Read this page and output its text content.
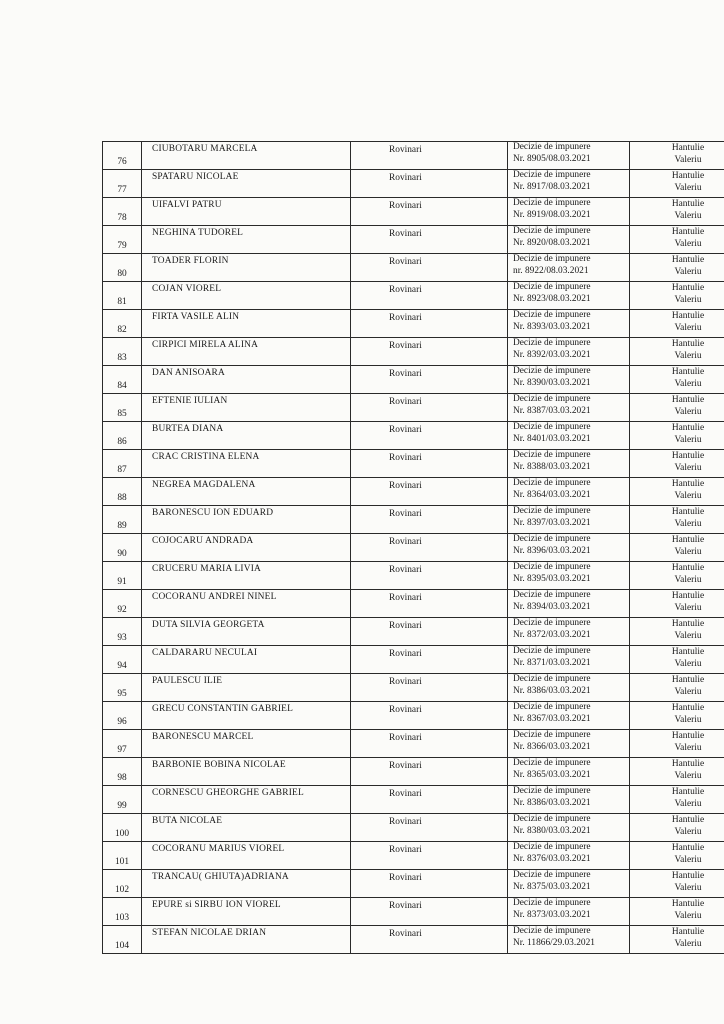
76	CIUBOTARU MARCELA	Rovinari	Decizie de impunere
Nr. 8905/08.03.2021	Hantulie
Valeriu

77	SPATARU NICOLAE	Rovinari	Decizie de impunere
Nr. 8917/08.03.2021	Hantulie
Valeriu

78	UIFALVI PATRU	Rovinari	Decizie de impunere
Nr. 8919/08.03.2021	Hantulie
Valeriu

79	NEGHINA TUDOREL	Rovinari	Decizie de impunere
Nr. 8920/08.03.2021	Hantulie
Valeriu

80	TOADER FLORIN	Rovinari	Decizie de impunere
nr. 8922/08.03.2021	Hantulie
Valeriu

81	COJAN VIOREL	Rovinari	Decizie de impunere
Nr. 8923/08.03.2021	Hantulie
Valeriu

82	FIRTA VASILE ALIN	Rovinari	Decizie de impunere
Nr. 8393/03.03.2021	Hantulie
Valeriu

83	CIRPICI MIRELA ALINA	Rovinari	Decizie de impunere
Nr. 8392/03.03.2021	Hantulie
Valeriu

84	DAN ANISOARA	Rovinari	Decizie de impunere
Nr. 8390/03.03.2021	Hantulie
Valeriu

85	EFTENIE IULIAN	Rovinari	Decizie de impunere
Nr. 8387/03.03.2021	Hantulie
Valeriu

86	BURTEA DIANA	Rovinari	Decizie de impunere
Nr. 8401/03.03.2021	Hantulie
Valeriu

87	CRAC CRISTINA ELENA	Rovinari	Decizie de impunere
Nr. 8388/03.03.2021	Hantulie
Valeriu

88	NEGREA MAGDALENA	Rovinari	Decizie de impunere
Nr. 8364/03.03.2021	Hantulie
Valeriu

89	BARONESCU ION EDUARD	Rovinari	Decizie de impunere
Nr. 8397/03.03.2021	Hantulie
Valeriu

90	COJOCARU ANDRADA	Rovinari	Decizie de impunere
Nr. 8396/03.03.2021	Hantulie
Valeriu

91	CRUCERU MARIA LIVIA	Rovinari	Decizie de impunere
Nr. 8395/03.03.2021	Hantulie
Valeriu

92	COCORANU ANDREI NINEL	Rovinari	Decizie de impunere
Nr. 8394/03.03.2021	Hantulie
Valeriu

93	DUTA SILVIA GEORGETA	Rovinari	Decizie de impunere
Nr. 8372/03.03.2021	Hantulie
Valeriu

94	CALDARARU NECULAI	Rovinari	Decizie de impunere
Nr. 8371/03.03.2021	Hantulie
Valeriu

95	PAULESCU ILIE	Rovinari	Decizie de impunere
Nr. 8386/03.03.2021	Hantulie
Valeriu

96	GRECU CONSTANTIN GABRIEL	Rovinari	Decizie de impunere
Nr. 8367/03.03.2021	Hantulie
Valeriu

97	BARONESCU MARCEL	Rovinari	Decizie de impunere
Nr. 8366/03.03.2021	Hantulie
Valeriu

98	BARBONIE BOBINA NICOLAE	Rovinari	Decizie de impunere
Nr. 8365/03.03.2021	Hantulie
Valeriu

99	CORNESCU GHEORGHE GABRIEL	Rovinari	Decizie de impunere
Nr. 8386/03.03.2021	Hantulie
Valeriu

100	BUTA NICOLAE	Rovinari	Decizie de impunere
Nr. 8380/03.03.2021	Hantulie
Valeriu

101	COCORANU MARIUS VIOREL	Rovinari	Decizie de impunere
Nr. 8376/03.03.2021	Hantulie
Valeriu

102	TRANCAU( GHIUTA)ADRIANA	Rovinari	Decizie de impunere
Nr. 8375/03.03.2021	Hantulie
Valeriu

103	EPURE si SIRBU ION VIOREL	Rovinari	Decizie de impunere
Nr. 8373/03.03.2021	Hantulie
Valeriu

104	STEFAN NICOLAE DRIAN	Rovinari	Decizie de impunere
Nr. 11866/29.03.2021	Hantulie
Valeriu
